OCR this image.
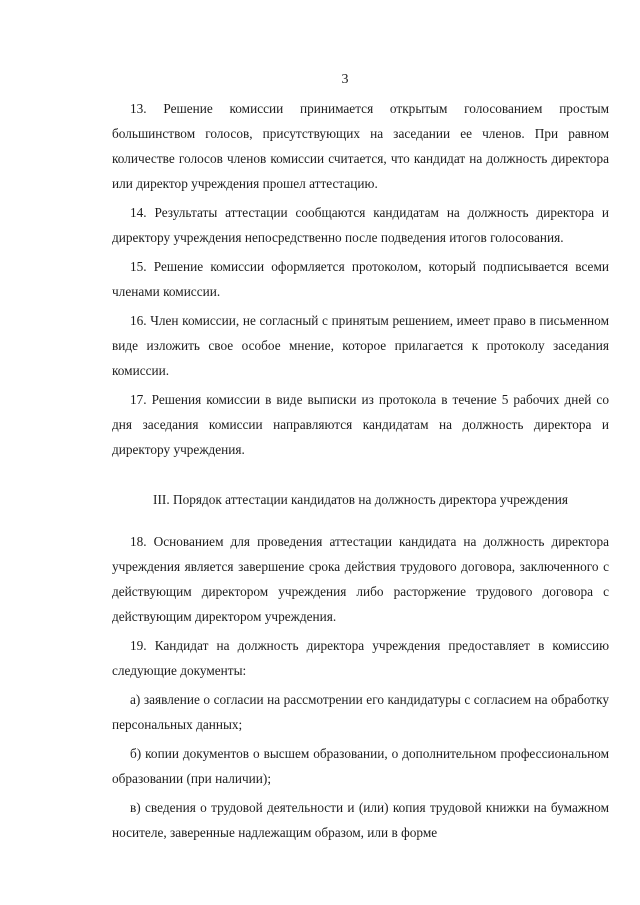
3

13. Решение комиссии принимается открытым голосованием простым большинством голосов, присутствующих на заседании ее членов. При равном количестве голосов членов комиссии считается, что кандидат на должность директора или директор учреждения прошел аттестацию.

14. Результаты аттестации сообщаются кандидатам на должность директора и директору учреждения непосредственно после подведения итогов голосования.

15. Решение комиссии оформляется протоколом, который подписывается всеми членами комиссии.

16. Член комиссии, не согласный с принятым решением, имеет право в письменном виде изложить свое особое мнение, которое прилагается к протоколу заседания комиссии.

17. Решения комиссии в виде выписки из протокола в течение 5 рабочих дней со дня заседания комиссии направляются кандидатам на должность директора и директору учреждения.

III. Порядок аттестации кандидатов на должность директора учреждения

18. Основанием для проведения аттестации кандидата на должность директора учреждения является завершение срока действия трудового договора, заключенного с действующим директором учреждения либо расторжение трудового договора с действующим директором учреждения.

19. Кандидат на должность директора учреждения предоставляет в комиссию следующие документы:

а) заявление о согласии на рассмотрении его кандидатуры с согласием на обработку персональных данных;

б) копии документов о высшем образовании, о дополнительном профессиональном образовании (при наличии);

в) сведения о трудовой деятельности и (или) копия трудовой книжки на бумажном носителе, заверенные надлежащим образом, или в форме
